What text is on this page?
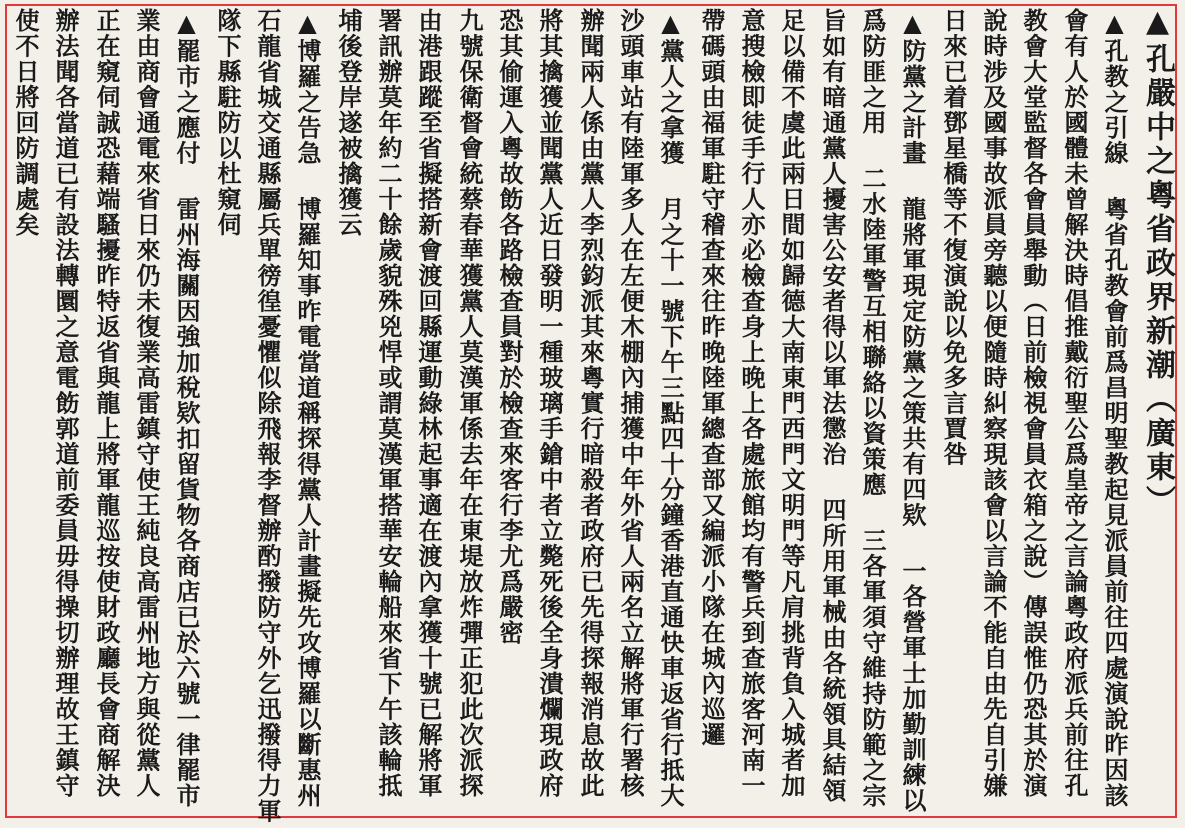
▲孔嚴中之粵省政界新潮（廣東）
▲孔教之引線 粵省孔教會前爲昌明聖教起見派員前往四處演說昨因該
會有人於國體未曾解決時倡推戴衍聖公爲皇帝之言論粵政府派兵前往孔
教會大堂監督各會員舉動（日前檢視會員衣箱之說）傳誤惟仍恐其於演
說時涉及國事故派員旁聽以便隨時糾察現該會以言論不能自由先自引嫌
日來已着鄧星橋等不復演說以免多言賈咎
▲防黨之計畫 龍將軍現定防黨之策共有四欵 一各營軍士加勤訓練以
爲防匪之用 二水陸軍警互相聯絡以資策應 三各軍須守維持防範之宗
旨如有暗通黨人擾害公安者得以軍法懲治 四所用軍械由各統領具結領
足以備不虞此兩日間如歸德大南東門西門文明門等凡肩挑背負入城者加
意搜檢即徒手行人亦必檢查身上晚上各處旅館均有警兵到查旅客河南一
帶碼頭由福軍駐守稽查來往昨晚陸軍總查部又編派小隊在城內巡邏
▲黨人之拿獲 月之十一號下午三點四十分鐘香港直通快車返省行抵大
沙頭車站有陸軍多人在左便木棚內捕獲中年外省人兩名立解將軍行署核
辦聞兩人係由黨人李烈鈞派其來粵實行暗殺者政府已先得探報消息故此
將其擒獲並聞黨人近日發明一種玻璃手鎗中者立斃死後全身潰爛現政府
恐其偷運入粵故飭各路檢查員對於檢查來客行李尤爲嚴密
九號保衛督會統蔡春華獲黨人莫漢軍係去年在東堤放炸彈正犯此次派探
由港跟蹤至省擬搭新會渡回縣運動綠林起事適在渡內拿獲十號已解將軍
署訊辦莫年約二十餘歲貌殊兇悍或謂莫漢軍搭華安輪船來省下午該輪抵
埔後登岸遂被擒獲云
▲博羅之告急 博羅知事昨電當道稱探得黨人計畫擬先攻博羅以斷惠州
石龍省城交通縣屬兵單徬徨憂懼似除飛報李督辦酌撥防守外乞迅撥得力軍
隊下縣駐防以杜窺伺
▲罷市之應付 雷州海關因強加稅欵扣留貨物各商店已於六號一律罷市
業由商會通電來省日來仍未復業高雷鎮守使王純良高雷州地方與從黨人
正在窺伺誠恐藉端騷擾昨特返省與龍上將軍龍巡按使財政廳長會商解決
辦法聞各當道已有設法轉圜之意電飭郭道前委員毋得操切辦理故王鎮守
使不日將回防調處矣
